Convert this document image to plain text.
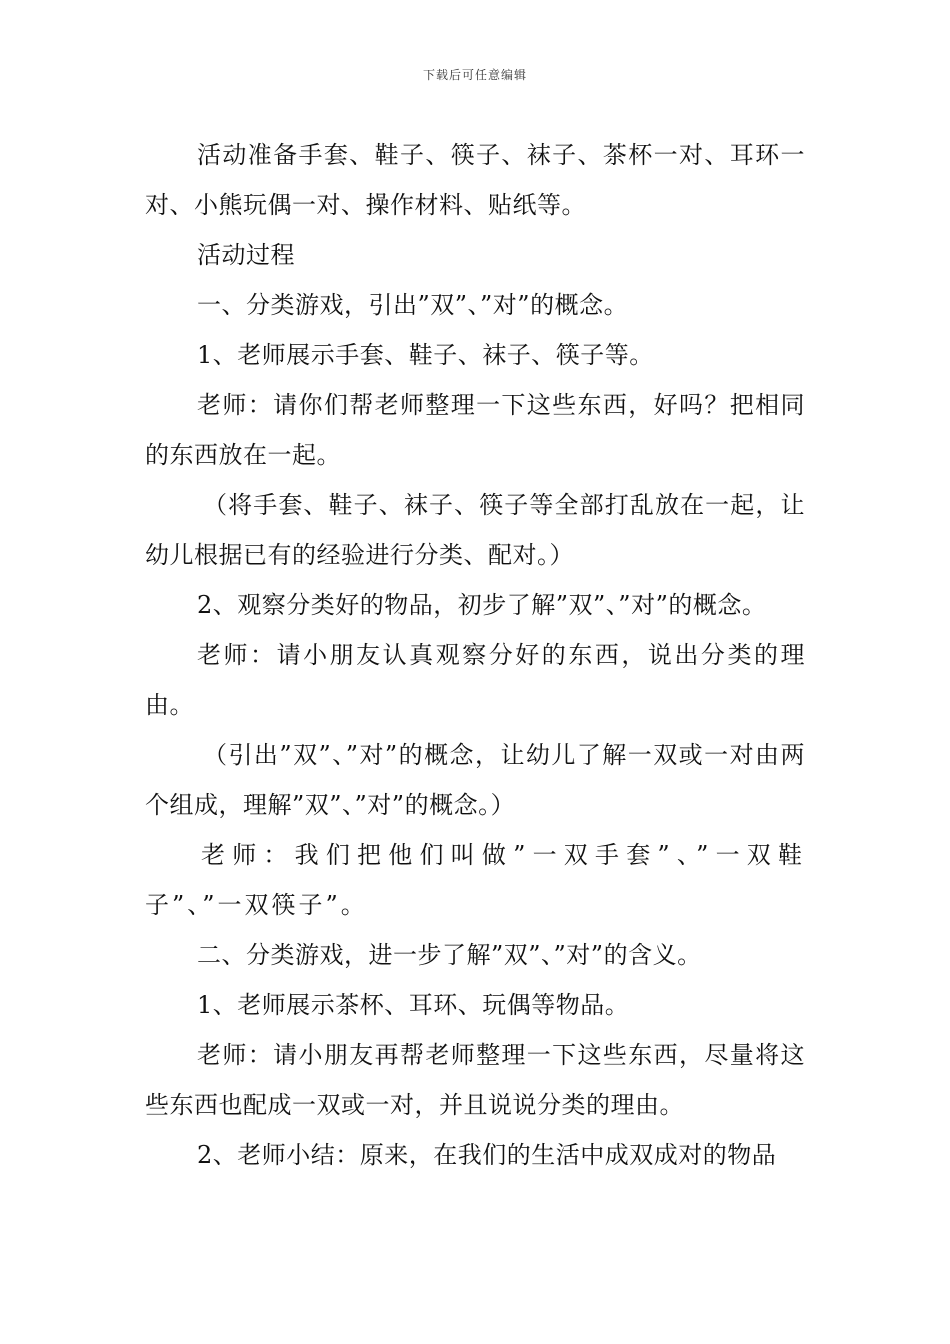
下载后可任意编辑

活动准备手套、鞋子、筷子、袜子、茶杯一对、耳环一对、小熊玩偶一对、操作材料、贴纸等。

活动过程

一、分类游戏，引出”双”、”对”的概念。

1、老师展示手套、鞋子、袜子、筷子等。

老师：请你们帮老师整理一下这些东西，好吗？把相同的东西放在一起。

（将手套、鞋子、袜子、筷子等全部打乱放在一起，让幼儿根据已有的经验进行分类、配对。）

2、观察分类好的物品，初步了解”双”、”对”的概念。

老师：请小朋友认真观察分好的东西，说出分类的理由。

（引出”双”、”对”的概念，让幼儿了解一双或一对由两个组成，理解”双”、”对”的概念。）

老师：我们把他们叫做”一双手套”、”一双鞋子”、”一双筷子”。

二、分类游戏，进一步了解”双”、”对”的含义。

1、老师展示茶杯、耳环、玩偶等物品。

老师：请小朋友再帮老师整理一下这些东西，尽量将这些东西也配成一双或一对，并且说说分类的理由。

2、老师小结：原来，在我们的生活中成双成对的物品
